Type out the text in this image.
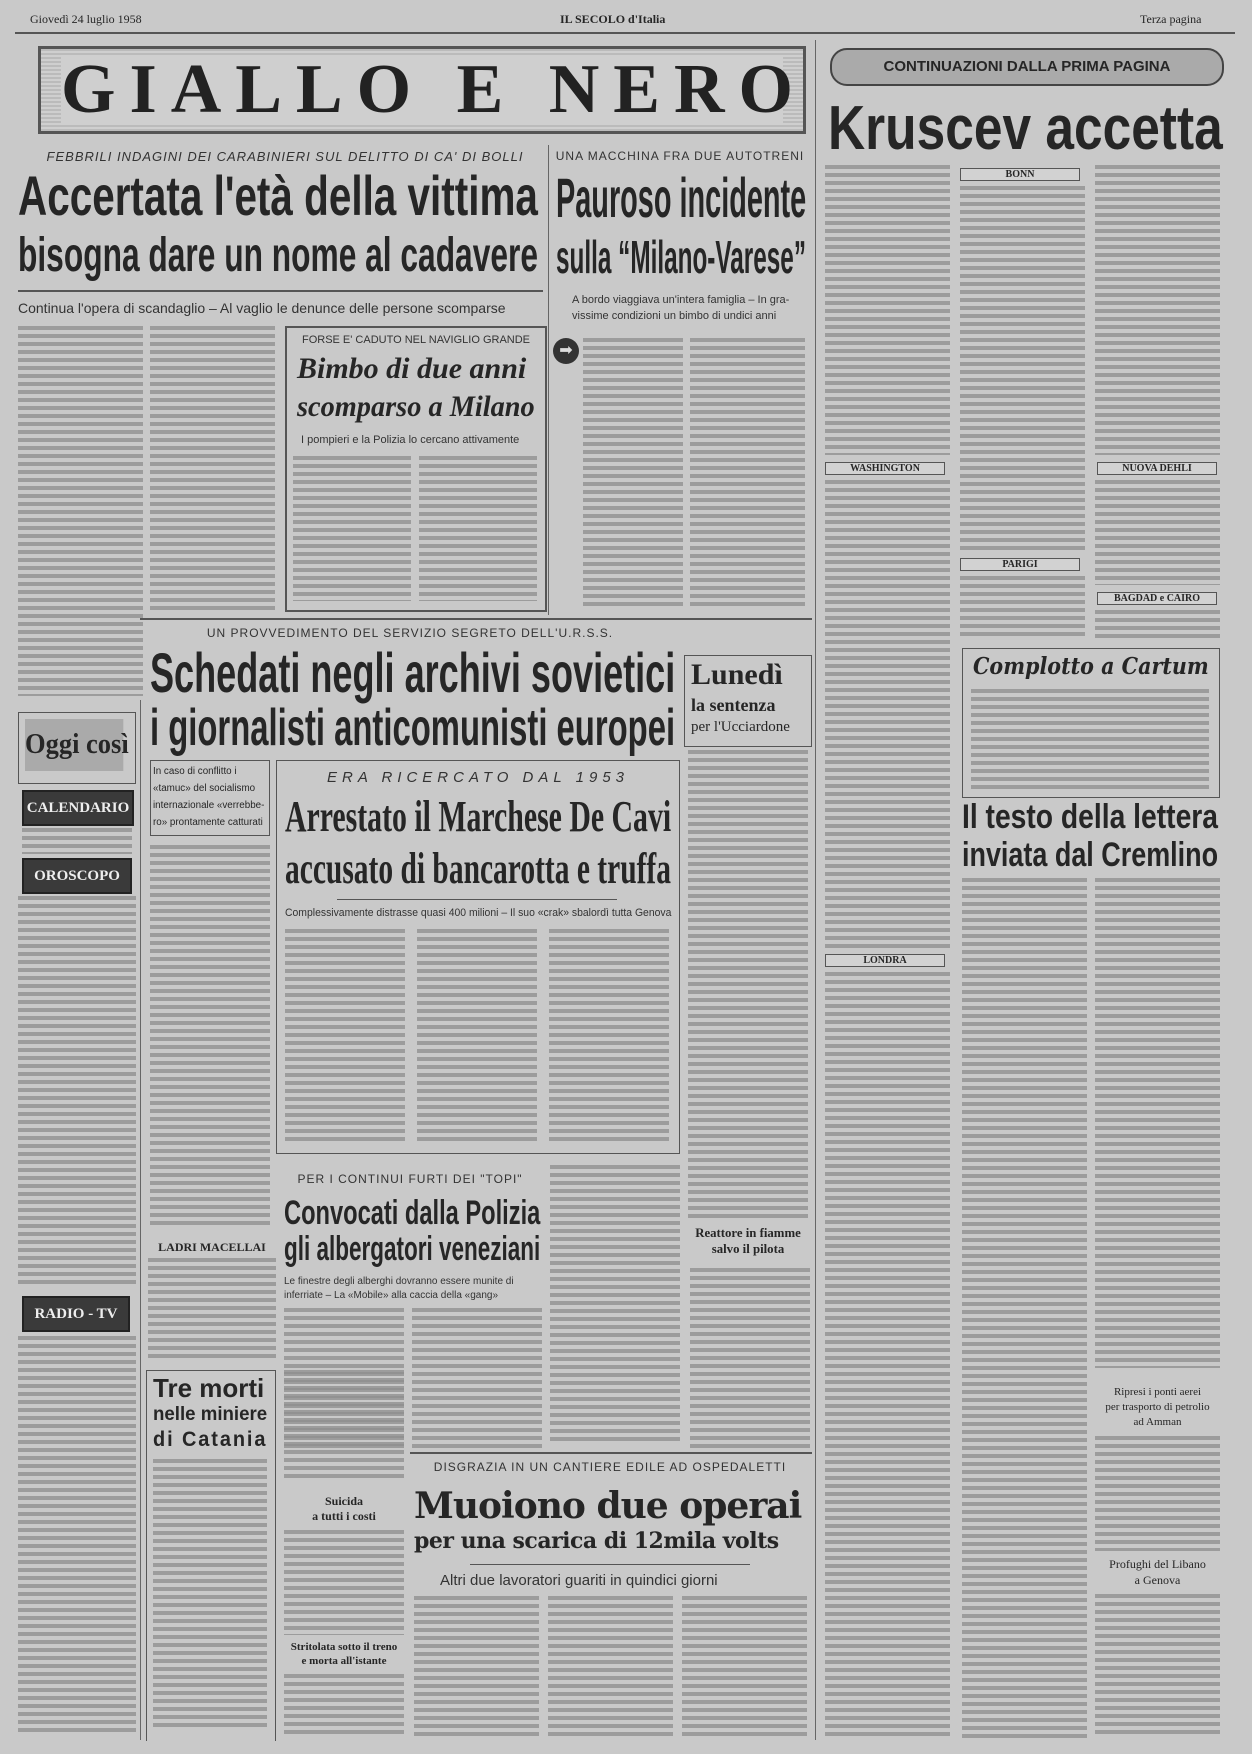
Giovedì 24 luglio 1958	IL SECOLO d'Italia	Terza pagina
GIALLO E NERO
FEBBRILI INDAGINI DEI CARABINIERI SUL DELITTO DI CA' DI BOLLI
Accertata l'età della vittima
bisogna dare un nome al cadavere
Continua l'opera di scandaglio – Al vaglio le denunce delle persone scomparse
FORSE E' CADUTO NEL NAVIGLIO GRANDE
Bimbo di due anni
scomparso a Milano
I pompieri e la Polizia lo cercano attivamente
UNA MACCHINA FRA DUE AUTOTRENI
Pauroso incidente
sulla “Milano-Varese”
A bordo viaggiava un'intera famiglia – In gra-
vissime condizioni un bimbo di undici anni
➡
UN PROVVEDIMENTO DEL SERVIZIO SEGRETO DELL'U.R.S.S.
Schedati negli archivi sovietici
i giornalisti anticomunisti europei
In caso di conflitto i
«tamuc» del socialismo
internazionale «verrebbe-
ro» prontamente catturati
Lunedì
la sentenza
per l'Ucciardone
ERA RICERCATO DAL 1953
Arrestato il Marchese De Cavi
accusato di bancarotta e truffa
Complessivamente distrasse quasi 400 milioni – Il suo «crak» sbalordì tutta Genova
PER I CONTINUI FURTI DEI "TOPI"
Convocati dalla Polizia
gli albergatori veneziani
Le finestre degli alberghi dovranno essere munite di
inferriate – La «Mobile» alla caccia della «gang»
Reattore in fiamme
salvo il pilota
Oggi così
CALENDARIO
OROSCOPO
RADIO - TV
LADRI MACELLAI
Tre morti
nelle miniere
di Catania
Suicida
a tutti i costi
Stritolata sotto il treno
e morta all'istante
DISGRAZIA IN UN CANTIERE EDILE AD OSPEDALETTI
Muoiono due operai
per una scarica di 12mila volts
Altri due lavoratori guariti in quindici giorni
CONTINUAZIONI DALLA PRIMA PAGINA
Kruscev accetta
BONN
WASHINGTON	NUOVA DEHLI
PARIGI
BAGDAD e CAIRO
Complotto a Cartum
Il testo della lettera
inviata dal Cremlino
LONDRA
Ripresi i ponti aerei
per trasporto di petrolio
ad Amman
Profughi del Libano
a Genova
